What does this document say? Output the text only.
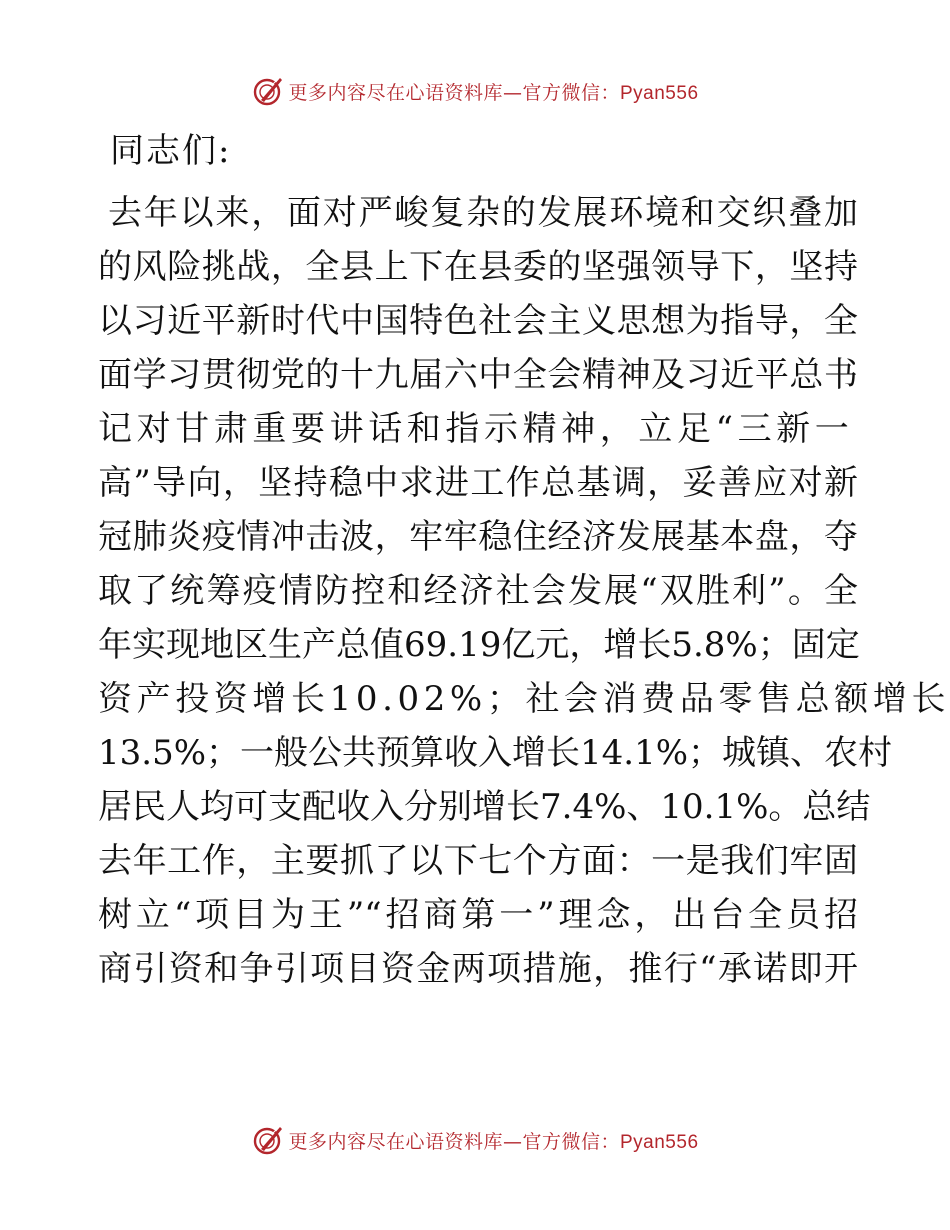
更多内容尽在心语资料库—官方微信：Pyan556

同志们:

去年以来，面对严峻复杂的发展环境和交织叠加
的风险挑战，全县上下在县委的坚强领导下，坚持
以习近平新时代中国特色社会主义思想为指导，全
面学习贯彻党的十九届六中全会精神及习近平总书
记对甘肃重要讲话和指示精神，立足“三新一
高”导向，坚持稳中求进工作总基调，妥善应对新
冠肺炎疫情冲击波，牢牢稳住经济发展基本盘，夺
取了统筹疫情防控和经济社会发展“双胜利”。全
年实现地区生产总值69.19亿元，增长5.8%；固定
资产投资增长10.02%；社会消费品零售总额增长
13.5%；一般公共预算收入增长14.1%；城镇、农村
居民人均可支配收入分别增长7.4%、10.1%。总结
去年工作，主要抓了以下七个方面：一是我们牢固
树立“项目为王”“招商第一”理念，出台全员招
商引资和争引项目资金两项措施，推行“承诺即开
更多内容尽在心语资料库—官方微信：Pyan556
